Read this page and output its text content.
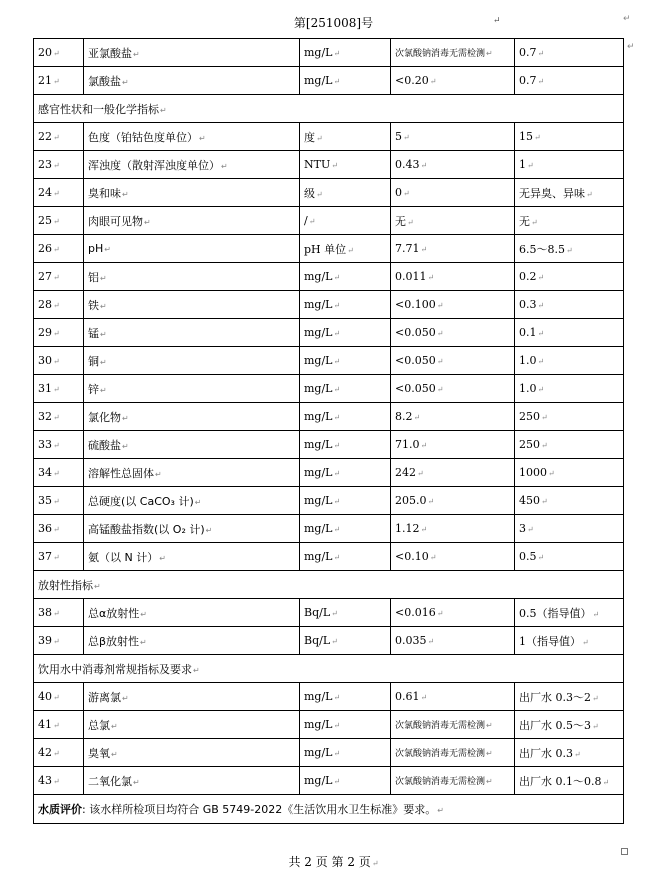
第[251008]号	↵	↵
20↵	亚氯酸盐↵	mg/L↵	次氯酸钠消毒无需检测↵	0.7↵
21↵	氯酸盐↵	mg/L↵	<0.20↵	0.7↵
感官性状和一般化学指标↵				
22↵	色度（铂钴色度单位）↵	度↵	5↵	15↵
23↵	浑浊度（散射浑浊度单位）↵	NTU↵	0.43↵	1↵
24↵	臭和味↵	级↵	0↵	无异臭、异味↵
25↵	肉眼可见物↵	/↵	无↵	无↵
26↵	pH↵	pH 单位↵	7.71↵	6.5～8.5↵
27↵	铝↵	mg/L↵	0.011↵	0.2↵
28↵	铁↵	mg/L↵	<0.100↵	0.3↵
29↵	锰↵	mg/L↵	<0.050↵	0.1↵
30↵	铜↵	mg/L↵	<0.050↵	1.0↵
31↵	锌↵	mg/L↵	<0.050↵	1.0↵
32↵	氯化物↵	mg/L↵	8.2↵	250↵
33↵	硫酸盐↵	mg/L↵	71.0↵	250↵
34↵	溶解性总固体↵	mg/L↵	242↵	1000↵
35↵	总硬度(以 CaCO₃ 计)↵	mg/L↵	205.0↵	450↵
36↵	高锰酸盐指数(以 O₂ 计)↵	mg/L↵	1.12↵	3↵
37↵	氨（以 N 计）↵	mg/L↵	<0.10↵	0.5↵
放射性指标↵				
38↵	总α放射性↵	Bq/L↵	<0.016↵	0.5（指导值）↵
39↵	总β放射性↵	Bq/L↵	0.035↵	1（指导值）↵
饮用水中消毒剂常规指标及要求↵				
40↵	游离氯↵	mg/L↵	0.61↵	出厂水 0.3～2↵
41↵	总氯↵	mg/L↵	次氯酸钠消毒无需检测↵	出厂水 0.5～3↵
42↵	臭氧↵	mg/L↵	次氯酸钠消毒无需检测↵	出厂水 0.3↵
43↵	二氧化氯↵	mg/L↵	次氯酸钠消毒无需检测↵	出厂水 0.1～0.8↵
水质评价: 该水样所检项目均符合 GB 5749-2022《生活饮用水卫生标准》要求。↵				
↵
共 2 页 第 2 页↵
